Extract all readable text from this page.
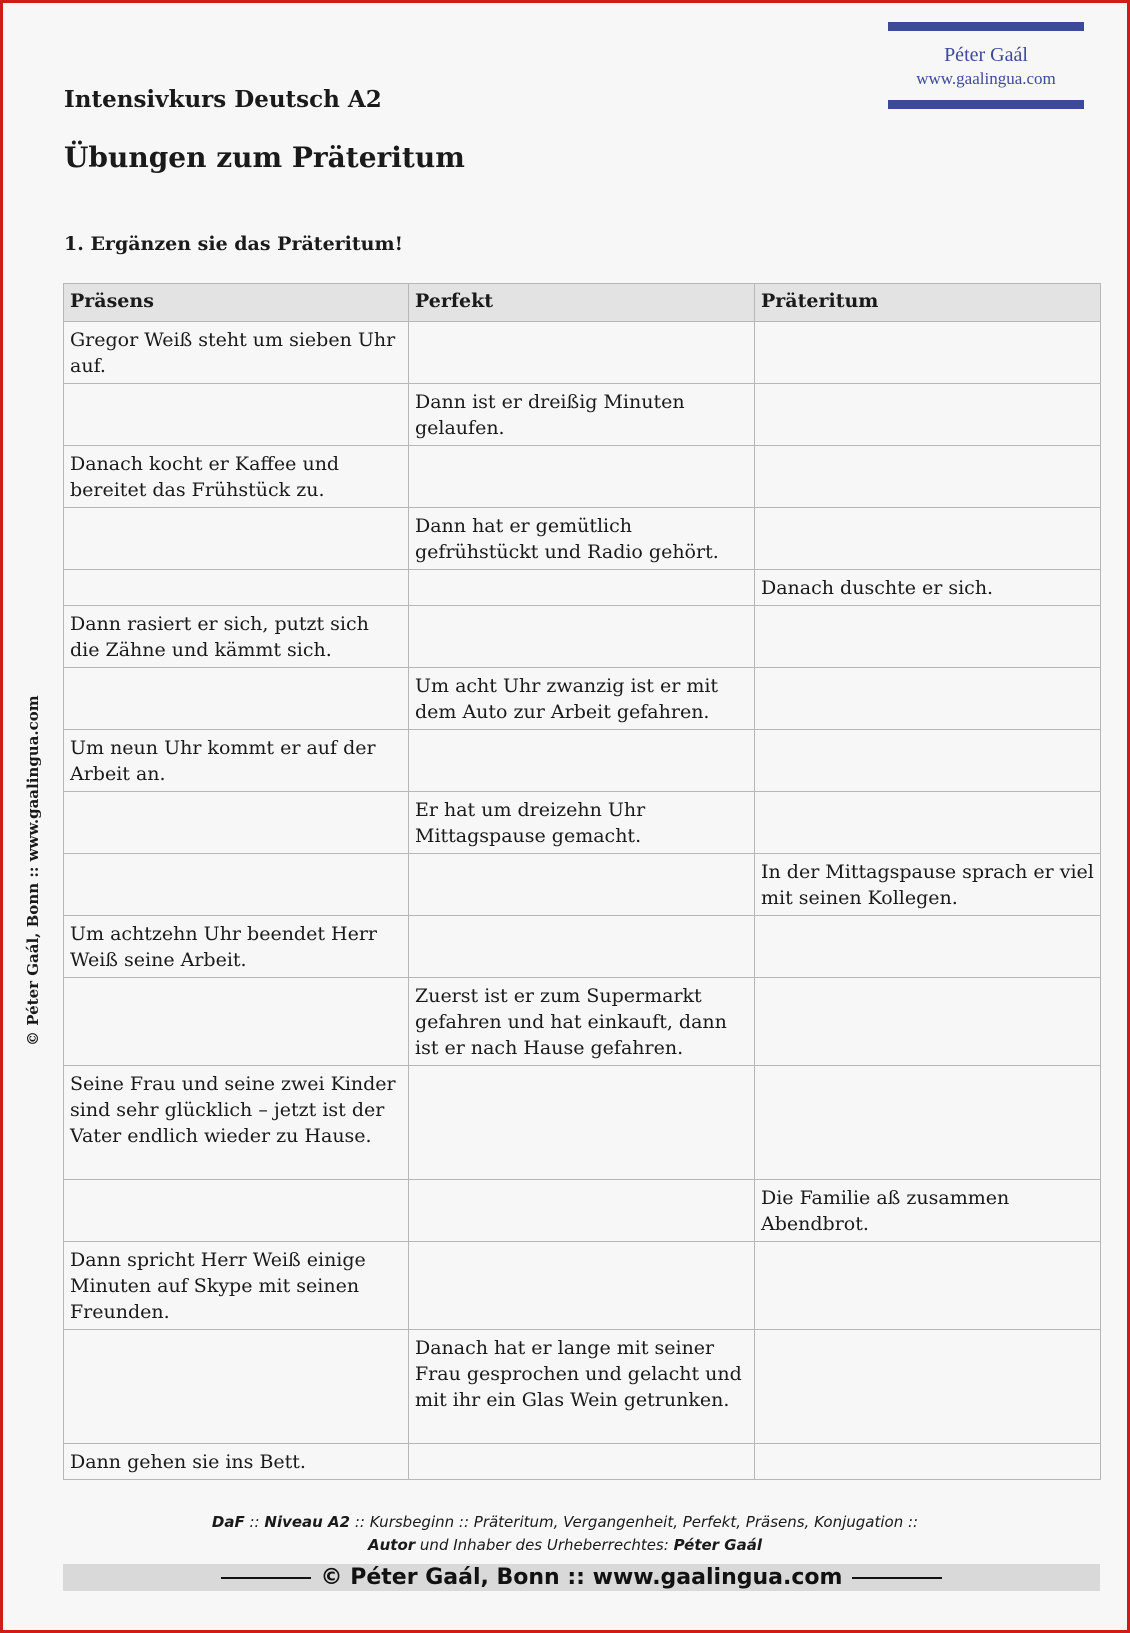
Péter Gaál
www.gaalingua.com
© Péter Gaál, Bonn :: www.gaalingua.com
Intensivkurs Deutsch A2
Übungen zum Präteritum
1. Ergänzen sie das Präteritum!
Präsens	Perfekt	Präteritum
Gregor Weiß steht um sieben Uhr auf.		
	Dann ist er dreißig Minuten gelaufen.	
Danach kocht er Kaffee und bereitet das Frühstück zu.		
	Dann hat er gemütlich gefrühstückt und Radio gehört.	
		Danach duschte er sich.
Dann rasiert er sich, putzt sich die Zähne und kämmt sich.		
	Um acht Uhr zwanzig ist er mit dem Auto zur Arbeit gefahren.	
Um neun Uhr kommt er auf der Arbeit an.		
	Er hat um dreizehn Uhr Mittagspause gemacht.	
		In der Mittagspause sprach er viel mit seinen Kollegen.
Um achtzehn Uhr beendet Herr Weiß seine Arbeit.		
	Zuerst ist er zum Supermarkt gefahren und hat einkauft, dann ist er nach Hause gefahren.	
Seine Frau und seine zwei Kinder sind sehr glücklich – jetzt ist der Vater endlich wieder zu Hause.		
		Die Familie aß zusammen Abendbrot.
Dann spricht Herr Weiß einige Minuten auf Skype mit seinen Freunden.		
	Danach hat er lange mit seiner Frau gesprochen und gelacht und mit ihr ein Glas Wein getrunken.	
Dann gehen sie ins Bett.		
DaF :: Niveau A2 :: Kursbeginn :: Präteritum, Vergangenheit, Perfekt, Präsens, Konjugation ::
Autor und Inhaber des Urheberrechtes: Péter Gaál
© Péter Gaál, Bonn :: www.gaalingua.com
